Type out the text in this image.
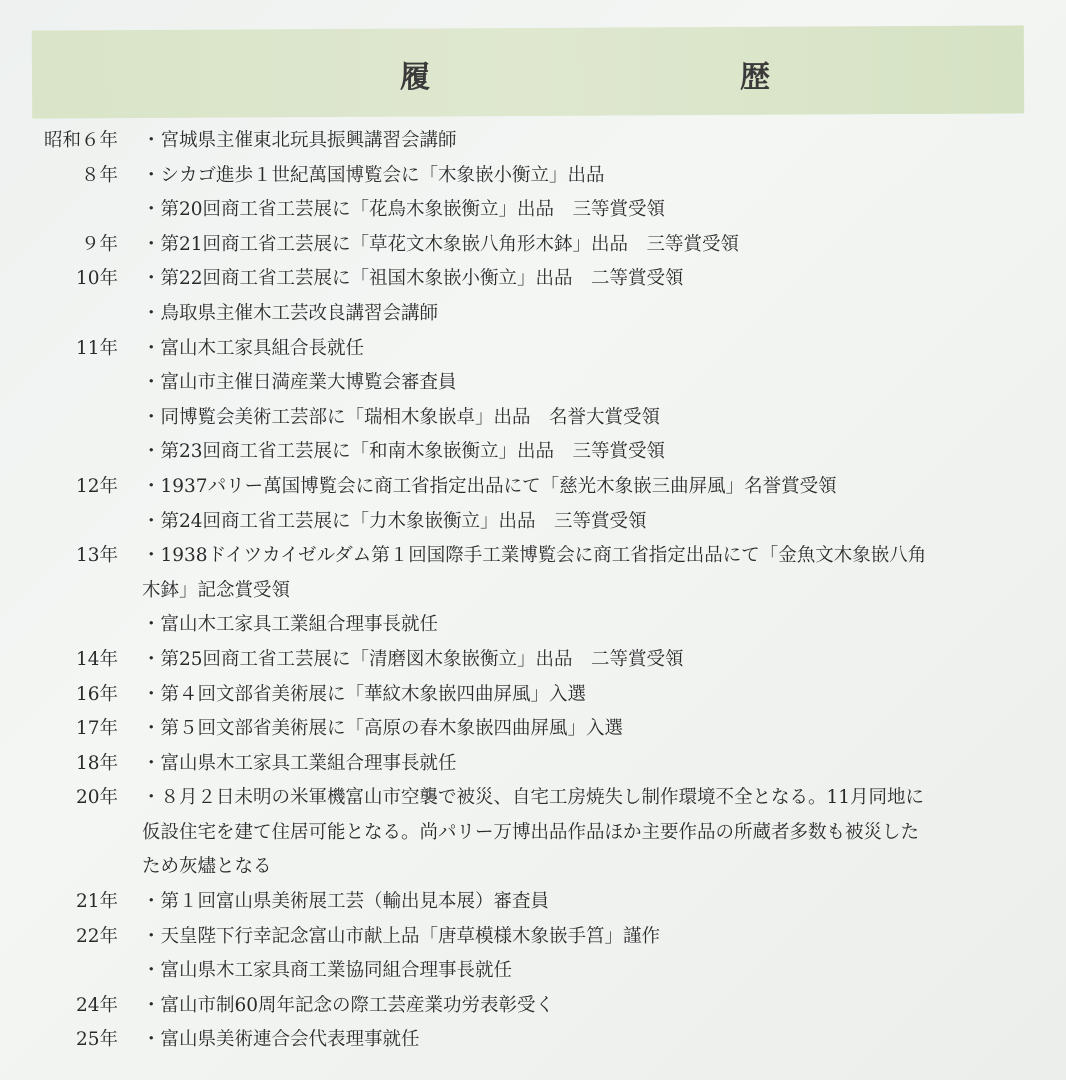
履　歴
昭和６年 ・宮城県主催東北玩具振興講習会講師
８年 ・シカゴ進歩１世紀萬国博覧会に「木象嵌小衡立」出品
・第20回商工省工芸展に「花鳥木象嵌衡立」出品　三等賞受領
９年 ・第21回商工省工芸展に「草花文木象嵌八角形木鉢」出品　三等賞受領
10年 ・第22回商工省工芸展に「祖国木象嵌小衡立」出品　二等賞受領
・鳥取県主催木工芸改良講習会講師
11年 ・富山木工家具組合長就任
・富山市主催日満産業大博覧会審査員
・同博覧会美術工芸部に「瑞相木象嵌卓」出品　名誉大賞受領
・第23回商工省工芸展に「和南木象嵌衡立」出品　三等賞受領
12年 ・1937パリー萬国博覧会に商工省指定出品にて「慈光木象嵌三曲屏風」名誉賞受領
・第24回商工省工芸展に「力木象嵌衡立」出品　三等賞受領
13年 ・1938ドイツカイゼルダム第１回国際手工業博覧会に商工省指定出品にて「金魚文木象嵌八角
木鉢」記念賞受領
・富山木工家具工業組合理事長就任
14年 ・第25回商工省工芸展に「清磨図木象嵌衡立」出品　二等賞受領
16年 ・第４回文部省美術展に「華紋木象嵌四曲屏風」入選
17年 ・第５回文部省美術展に「高原の春木象嵌四曲屏風」入選
18年 ・富山県木工家具工業組合理事長就任
20年 ・８月２日未明の米軍機富山市空襲で被災、自宅工房焼失し制作環境不全となる。11月同地に
仮設住宅を建て住居可能となる。尚パリー万博出品作品ほか主要作品の所蔵者多数も被災した
ため灰燼となる
21年 ・第１回富山県美術展工芸（輸出見本展）審査員
22年 ・天皇陛下行幸記念富山市献上品「唐草模様木象嵌手筥」謹作
・富山県木工家具商工業協同組合理事長就任
24年 ・富山市制60周年記念の際工芸産業功労表彰受く
25年 ・富山県美術連合会代表理事就任
